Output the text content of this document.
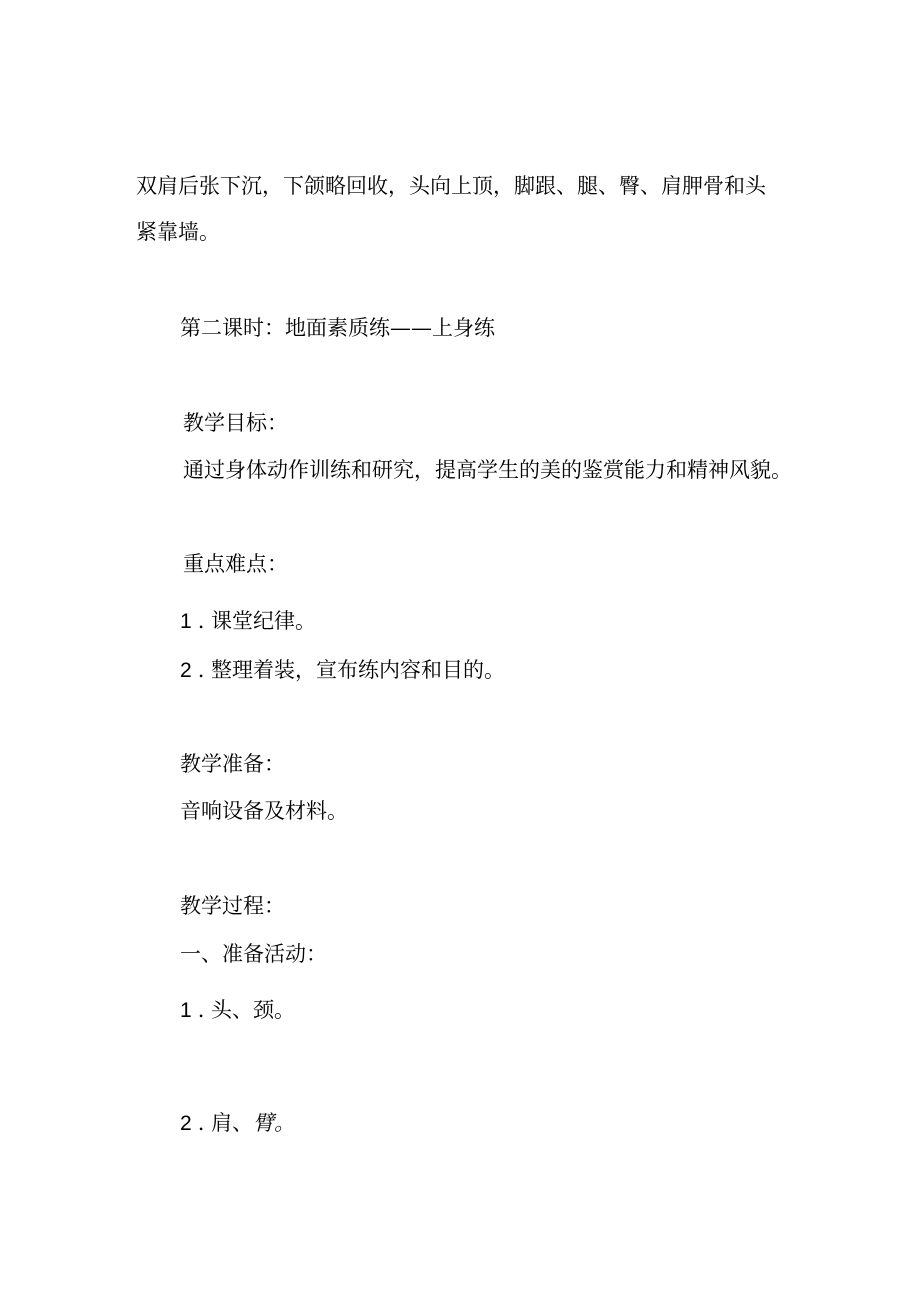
双肩后张下沉，下颌略回收，头向上顶，脚跟、腿、臀、肩胛骨和头
紧靠墙。
第二课时：地面素质练——上身练
教学目标：
通过身体动作训练和研究，提高学生的美的鉴赏能力和精神风貌。
重点难点：
1 . 课堂纪律。
2 . 整理着装，宣布练内容和目的。
教学准备：
音响设备及材料。
教学过程：
一、准备活动：
1 . 头、颈。
2 . 肩、臂。
